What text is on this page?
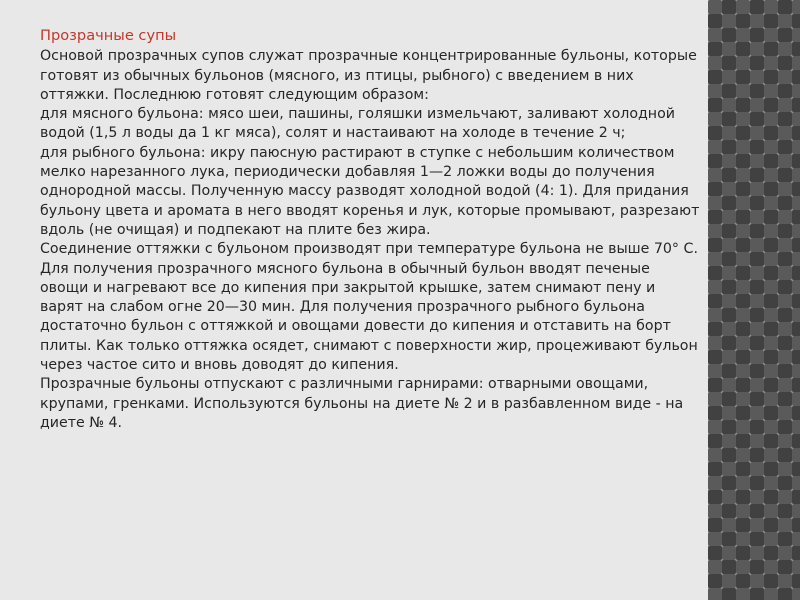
Прозрачные супы

Основой прозрачных супов служат прозрачные концентрированные бульоны, которые готовят из обычных бульонов (мясного, из птицы, рыбного) с введением в них оттяжки. Последнюю готовят следующим образом:

для мясного бульона: мясо шеи, пашины, голяшки измельчают, заливают холодной водой (1,5 л воды да 1 кг мяса), солят и настаивают на холоде в течение 2 ч;

для рыбного бульона: икру паюсную растирают в ступке с небольшим количеством мелко нарезанного лука, периодически добавляя 1—2 ложки воды до получения однородной массы. Полученную массу разводят холодной водой (4: 1). Для придания бульону цвета и аромата в него вводят коренья и лук, которые промывают, разрезают вдоль (не очищая) и подпекают на плите без жира.

Соединение оттяжки с бульоном производят при температуре бульона не выше 70° С. Для получения прозрачного мясного бульона в обычный бульон вводят печеные овощи и нагревают все до кипения при закрытой крышке, затем снимают пену и варят на слабом огне 20—30 мин. Для получения прозрачного рыбного бульона достаточно бульон с оттяжкой и овощами довести до кипения и отставить на борт плиты. Как только оттяжка осядет, снимают с поверхности жир, процеживают бульон через частое сито и вновь доводят до кипения.

Прозрачные бульоны отпускают с различными гарнирами: отварными овощами, крупами, гренками. Используются бульоны на диете № 2 и в разбавленном виде - на диете № 4.
